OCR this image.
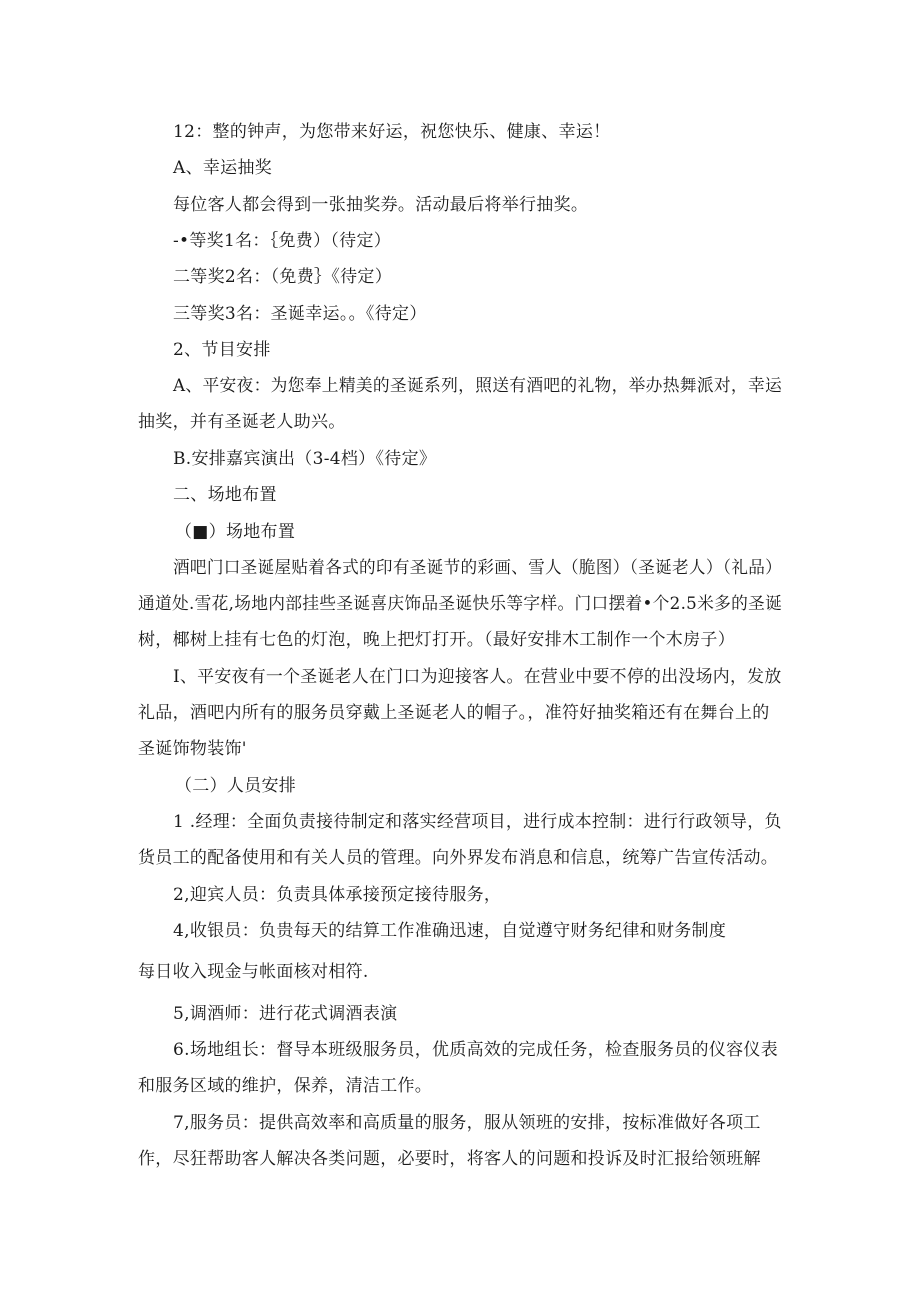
12：整的钟声，为您带来好运，祝您快乐、健康、幸运！
A、幸运抽奖
每位客人都会得到一张抽奖券。活动最后将举行抽奖。
-•等奖1名：｛免费）（待定）
二等奖2名：（免费｝《待定）
三等奖3名：圣诞幸运。。《待定）
2、节目安排
A、平安夜：为您奉上精美的圣诞系列，照送有酒吧的礼物，举办热舞派对，幸运
抽奖，并有圣诞老人助兴。
B.安排嘉宾演出（3-4档）《待定》
二、场地布置
（■）场地布置
酒吧门口圣诞屋贴着各式的印有圣诞节的彩画、雪人（脆图）（圣诞老人）（礼品）
通道处.雪花,场地内部挂些圣诞喜庆饰品圣诞快乐等字样。门口摆着•个2.5米多的圣诞
树，椰树上挂有七色的灯泡，晚上把灯打开。（最好安排木工制作一个木房子）
I、平安夜有一个圣诞老人在门口为迎接客人。在营业中要不停的出没场内，发放
礼品，酒吧内所有的服务员穿戴上圣诞老人的帽子。，准符好抽奖箱还有在舞台上的
圣诞饰物装饰'
（二）人员安排
1 .经理：全面负责接待制定和落实经营项目，进行成本控制：进行行政领导，负
货员工的配备使用和有关人员的管理。向外界发布消息和信息，统筹广告宣传活动。
2,迎宾人员：负责具体承接预定接待服务，
4,收银员：负贵每天的结算工作准确迅速，自觉遵守财务纪律和财务制度
每日收入现金与帐面核对相符.
5,调酒师：进行花式调酒表演
6.场地组长：督导本班级服务员，优质高效的完成任务，检查服务员的仪容仪表
和服务区域的维护，保养，清洁工作。
7,服务员：提供高效率和高质量的服务，服从领班的安排，按标准做好各项工
作，尽狂帮助客人解决各类问题，必要时，将客人的问题和投诉及时汇报给领班解
